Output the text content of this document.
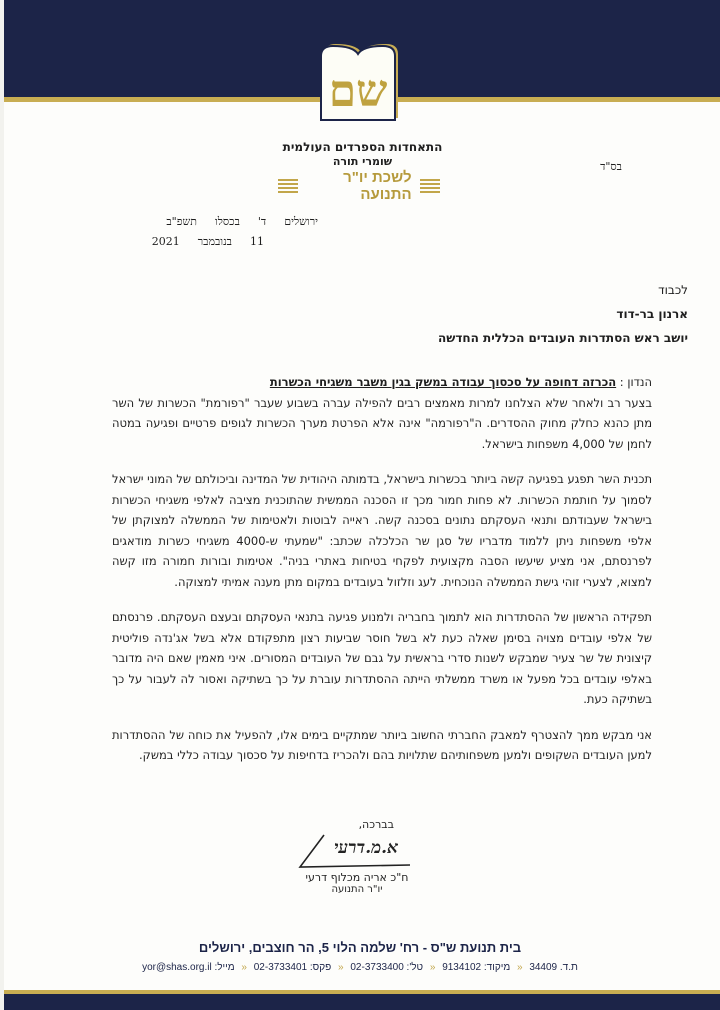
שם
התאחדות הספרדים העולמית
שומרי תורה
לשכת יו"ר התנועה
בס"ד
ירושלים
ד'
בכסלו
תשפ"ב
11
בנובמבר
2021
לכבוד
ארנון בר-דוד
יושב ראש הסתדרות העובדים הכללית החדשה
הנדון : הכרזה דחופה על סכסוך עבודה במשק בגין משבר משגיחי הכשרות

בצער רב ולאחר שלא הצלחנו למרות מאמצים רבים להפילה עברה בשבוע שעבר "רפורמת" הכשרות של השר מתן כהנא כחלק מחוק ההסדרים. ה"רפורמה" אינה אלא הפרטת מערך הכשרות לגופים פרטיים ופגיעה במטה לחמן של 4,000 משפחות בישראל.

תכנית השר תפגע בפגיעה קשה ביותר בכשרות בישראל, בדמותה היהודית של המדינה וביכולתם של המוני ישראל לסמוך על חותמת הכשרות. לא פחות חמור מכך זו הסכנה הממשית שהתוכנית מציבה לאלפי משגיחי הכשרות בישראל שעבודתם ותנאי העסקתם נתונים בסכנה קשה. ראייה לבוטות ולאטימות של הממשלה למצוקתן של אלפי משפחות ניתן ללמוד מדבריו של סגן שר הכלכלה שכתב: "שמעתי ש-4000 משגיחי כשרות מודאגים לפרנסתם, אני מציע שיעשו הסבה מקצועית לפקחי בטיחות באתרי בניה". אטימות ובורות חמורה מזו קשה למצוא, לצערי זוהי גישת הממשלה הנוכחית. לעג וזלזול בעובדים במקום מתן מענה אמיתי למצוקה.

תפקידה הראשון של ההסתדרות הוא לתמוך בחבריה ולמנוע פגיעה בתנאי העסקתם ובעצם העסקתם. פרנסתם של אלפי עובדים מצויה בסימן שאלה כעת לא בשל חוסר שביעות רצון מתפקודם אלא בשל אג'נדה פוליטית קיצונית של שר צעיר שמבקש לשנות סדרי בראשית על גבם של העובדים המסורים. איני מאמין שאם היה מדובר באלפי עובדים בכל מפעל או משרד ממשלתי הייתה ההסתדרות עוברת על כך בשתיקה ואסור לה לעבור על כך בשתיקה כעת.

אני מבקש ממך להצטרף למאבק החברתי החשוב ביותר שמתקיים בימים אלו, להפעיל את כוחה של ההסתדרות למען העובדים השקופים ולמען משפחותיהם שתלויות בהם ולהכריז בדחיפות על סכסוך עבודה כללי במשק.

בברכה,
א.מ.דרעי
ח"כ אריה מכלוף דרעי
יו"ר התנועה
בית תנועת ש"ס - רח' שלמה הלוי 5, הר חוצבים, ירושלים
ת.ד. 34409 « מיקוד: 9134102 « טל': 02-3733400 « פקס: 02-3733401 « מייל: yor@shas.org.il
